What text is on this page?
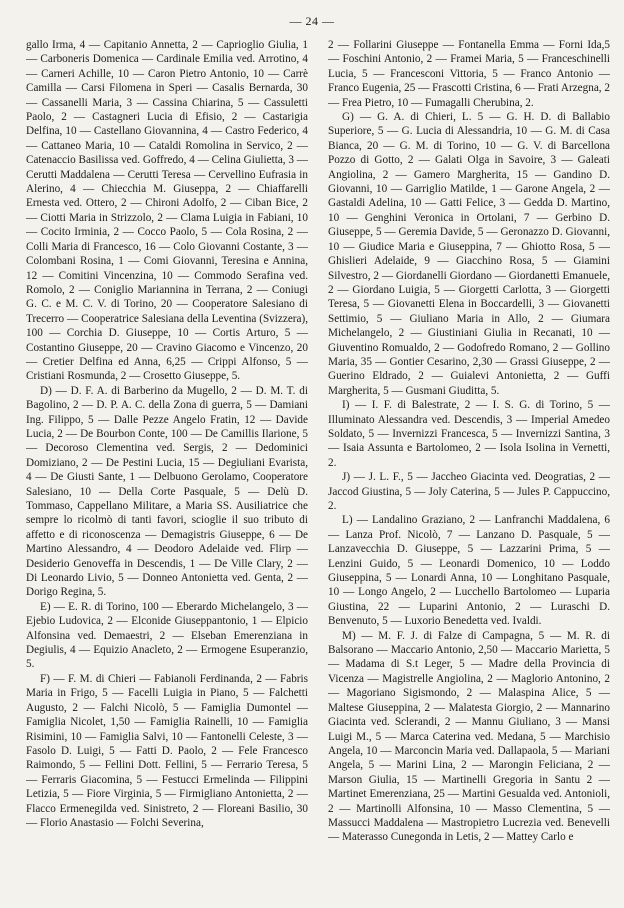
— 24 —

gallo Irma, 4 — Capitanio Annetta, 2 — Caprioglio Giulia, 1 — Carboneris Domenica — Cardinale Emilia ved. Arrotino, 4 — Carneri Achille, 10 — Caron Pietro Antonio, 10 — Carrè Camilla — Carsi Filomena in Speri — Casalis Bernarda, 30 — Cassanelli Maria, 3 — Cassina Chiarina, 5 — Cassuletti Paolo, 2 — Castagneri Lucia di Efisio, 2 — Castarigia Delfina, 10 — Castellano Giovannina, 4 — Castro Federico, 4 — Cattaneo Maria, 10 — Cataldi Romolina in Servico, 2 — Catenaccio Basilissa ved. Goffredo, 4 — Celina Giulietta, 3 — Cerutti Maddalena — Cerutti Teresa — Cervellino Eufrasia in Alerino, 4 — Chiecchia M. Giuseppa, 2 — Chiaffarelli Ernesta ved. Ottero, 2 — Chironi Adolfo, 2 — Ciban Bice, 2 — Ciotti Maria in Strizzolo, 2 — Clama Luigia in Fabiani, 10 — Cocito Irminia, 2 — Cocco Paolo, 5 — Cola Rosina, 2 — Colli Maria di Francesco, 16 — Colo Giovanni Costante, 3 — Colombani Rosina, 1 — Comi Giovanni, Teresina e Annina, 12 — Comitini Vincenzina, 10 — Commodo Serafina ved. Romolo, 2 — Coniglio Mariannina in Terrana, 2 — Coniugi G. C. e M. C. V. di Torino, 20 — Cooperatore Salesiano di Trecerro — Cooperatrice Salesiana della Leventina (Svizzera), 100 — Corchia D. Giuseppe, 10 — Cortis Arturo, 5 — Costantino Giuseppe, 20 — Cravino Giacomo e Vincenzo, 20 — Cretier Delfina ed Anna, 6,25 — Crippi Alfonso, 5 — Cristiani Rosmunda, 2 — Crosetto Giuseppe, 5.

D) — D. F. A. di Barberino da Mugello, 2 — D. M. T. di Bagolino, 2 — D. P. A. C. della Zona di guerra, 5 — Damiani Ing. Filippo, 5 — Dalle Pezze Angelo Fratin, 12 — Davide Lucia, 2 — De Bourbon Conte, 100 — De Camillis Ilarione, 5 — Decoroso Clementina ved. Sergis, 2 — Dedominici Domiziano, 2 — De Pestini Lucia, 15 — Degiuliani Evarista, 4 — De Giusti Sante, 1 — Delbuono Gerolamo, Cooperatore Salesiano, 10 — Della Corte Pasquale, 5 — Delù D. Tommaso, Cappellano Militare, a Maria SS. Ausiliatrice che sempre lo ricolmò di tanti favori, scioglie il suo tributo di affetto e di riconoscenza — Demagistris Giuseppe, 6 — De Martino Alessandro, 4 — Deodoro Adelaide ved. Flirp — Desiderio Genoveffa in Descendis, 1 — De Ville Clary, 2 — Di Leonardo Livio, 5 — Donneo Antonietta ved. Genta, 2 — Dorigo Regina, 5.

E) — E. R. di Torino, 100 — Eberardo Michelangelo, 3 — Ejebio Ludovica, 2 — Elconide Giuseppantonio, 1 — Elpicio Alfonsina ved. Demaestri, 2 — Elseban Emerenziana in Degiulis, 4 — Equizio Anacleto, 2 — Ermogene Esuperanzio, 5.

F) — F. M. di Chieri — Fabianoli Ferdinanda, 2 — Fabris Maria in Frigo, 5 — Facelli Luigia in Piano, 5 — Falchetti Augusto, 2 — Falchi Nicolò, 5 — Famiglia Dumontel — Famiglia Nicolet, 1,50 — Famiglia Rainelli, 10 — Famiglia Risimini, 10 — Famiglia Salvi, 10 — Fantonelli Celeste, 3 — Fasolo D. Luigi, 5 — Fatti D. Paolo, 2 — Fele Francesco Raimondo, 5 — Fellini Dott. Fellini, 5 — Ferrario Teresa, 5 — Ferraris Giacomina, 5 — Festucci Ermelinda — Filippini Letizia, 5 — Fiore Virginia, 5 — Firmigliano Antonietta, 2 — Flacco Ermenegilda ved. Sinistreto, 2 — Floreani Basilio, 30 — Florio Anastasio — Folchi Severina,

2 — Follarini Giuseppe — Fontanella Emma — Forni Ida,5 — Foschini Antonio, 2 — Framei Maria, 5 — Franceschinelli Lucia, 5 — Francesconi Vittoria, 5 — Franco Antonio — Franco Eugenia, 25 — Frascotti Cristina, 6 — Frati Arzegna, 2 — Frea Pietro, 10 — Fumagalli Cherubina, 2.

G) — G. A. di Chieri, L. 5 — G. H. D. di Ballabio Superiore, 5 — G. Lucia di Alessandria, 10 — G. M. di Casa Bianca, 20 — G. M. di Torino, 10 — G. V. di Barcellona Pozzo di Gotto, 2 — Galati Olga in Savoire, 3 — Galeati Angiolina, 2 — Gamero Margherita, 15 — Gandino D. Giovanni, 10 — Garriglio Matilde, 1 — Garone Angela, 2 — Gastaldi Adelina, 10 — Gatti Felice, 3 — Gedda D. Martino, 10 — Genghini Veronica in Ortolani, 7 — Gerbino D. Giuseppe, 5 — Geremia Davide, 5 — Geronazzo D. Giovanni, 10 — Giudice Maria e Giuseppina, 7 — Ghiotto Rosa, 5 — Ghislieri Adelaide, 9 — Giacchino Rosa, 5 — Giamini Silvestro, 2 — Giordanelli Giordano — Giordanetti Emanuele, 2 — Giordano Luigia, 5 — Giorgetti Carlotta, 3 — Giorgetti Teresa, 5 — Giovanetti Elena in Boccardelli, 3 — Giovanetti Settimio, 5 — Giuliano Maria in Allo, 2 — Giumara Michelangelo, 2 — Giustiniani Giulia in Recanati, 10 — Giuventino Romualdo, 2 — Godofredo Romano, 2 — Gollino Maria, 35 — Gontier Cesarino, 2,30 — Grassi Giuseppe, 2 — Guerino Eldrado, 2 — Guialevi Antonietta, 2 — Guffi Margherita, 5 — Gusmani Giuditta, 5.

I) — I. F. di Balestrate, 2 — I. S. G. di Torino, 5 — Illuminato Alessandra ved. Descendis, 3 — Imperial Amedeo Soldato, 5 — Invernizzi Francesca, 5 — Invernizzi Santina, 3 — Isaia Assunta e Bartolomeo, 2 — Isola Isolina in Vernetti, 2.

J) — J. L. F., 5 — Jaccheo Giacinta ved. Deogratias, 2 — Jaccod Giustina, 5 — Joly Caterina, 5 — Jules P. Cappuccino, 2.

L) — Landalino Graziano, 2 — Lanfranchi Maddalena, 6 — Lanza Prof. Nicolò, 7 — Lanzano D. Pasquale, 5 — Lanzavecchia D. Giuseppe, 5 — Lazzarini Prima, 5 — Lenzini Guido, 5 — Leonardi Domenico, 10 — Loddo Giuseppina, 5 — Lonardi Anna, 10 — Longhitano Pasquale, 10 — Longo Angelo, 2 — Lucchello Bartolomeo — Luparia Giustina, 22 — Luparini Antonio, 2 — Luraschi D. Benvenuto, 5 — Luxorio Benedetta ved. Ivaldi.

M) — M. F. J. di Falze di Campagna, 5 — M. R. di Balsorano — Maccario Antonio, 2,50 — Maccario Marietta, 5 — Madama di S.t Leger, 5 — Madre della Provincia di Vicenza — Magistrelle Angiolina, 2 — Maglorio Antonino, 2 — Magoriano Sigismondo, 2 — Malaspina Alice, 5 — Maltese Giuseppina, 2 — Malatesta Giorgio, 2 — Mannarino Giacinta ved. Sclerandi, 2 — Mannu Giuliano, 3 — Mansi Luigi M., 5 — Marca Caterina ved. Medana, 5 — Marchisio Angela, 10 — Marconcin Maria ved. Dallapaola, 5 — Mariani Angela, 5 — Marini Lina, 2 — Marongin Feliciana, 2 — Marson Giulia, 15 — Martinelli Gregoria in Santu 2 — Martinet Emerenziana, 25 — Martini Gesualda ved. Antonioli, 2 — Martinolli Alfonsina, 10 — Masso Clementina, 5 — Massucci Maddalena — Mastropietro Lucrezia ved. Benevelli — Materasso Cunegonda in Letis, 2 — Mattey Carlo e
